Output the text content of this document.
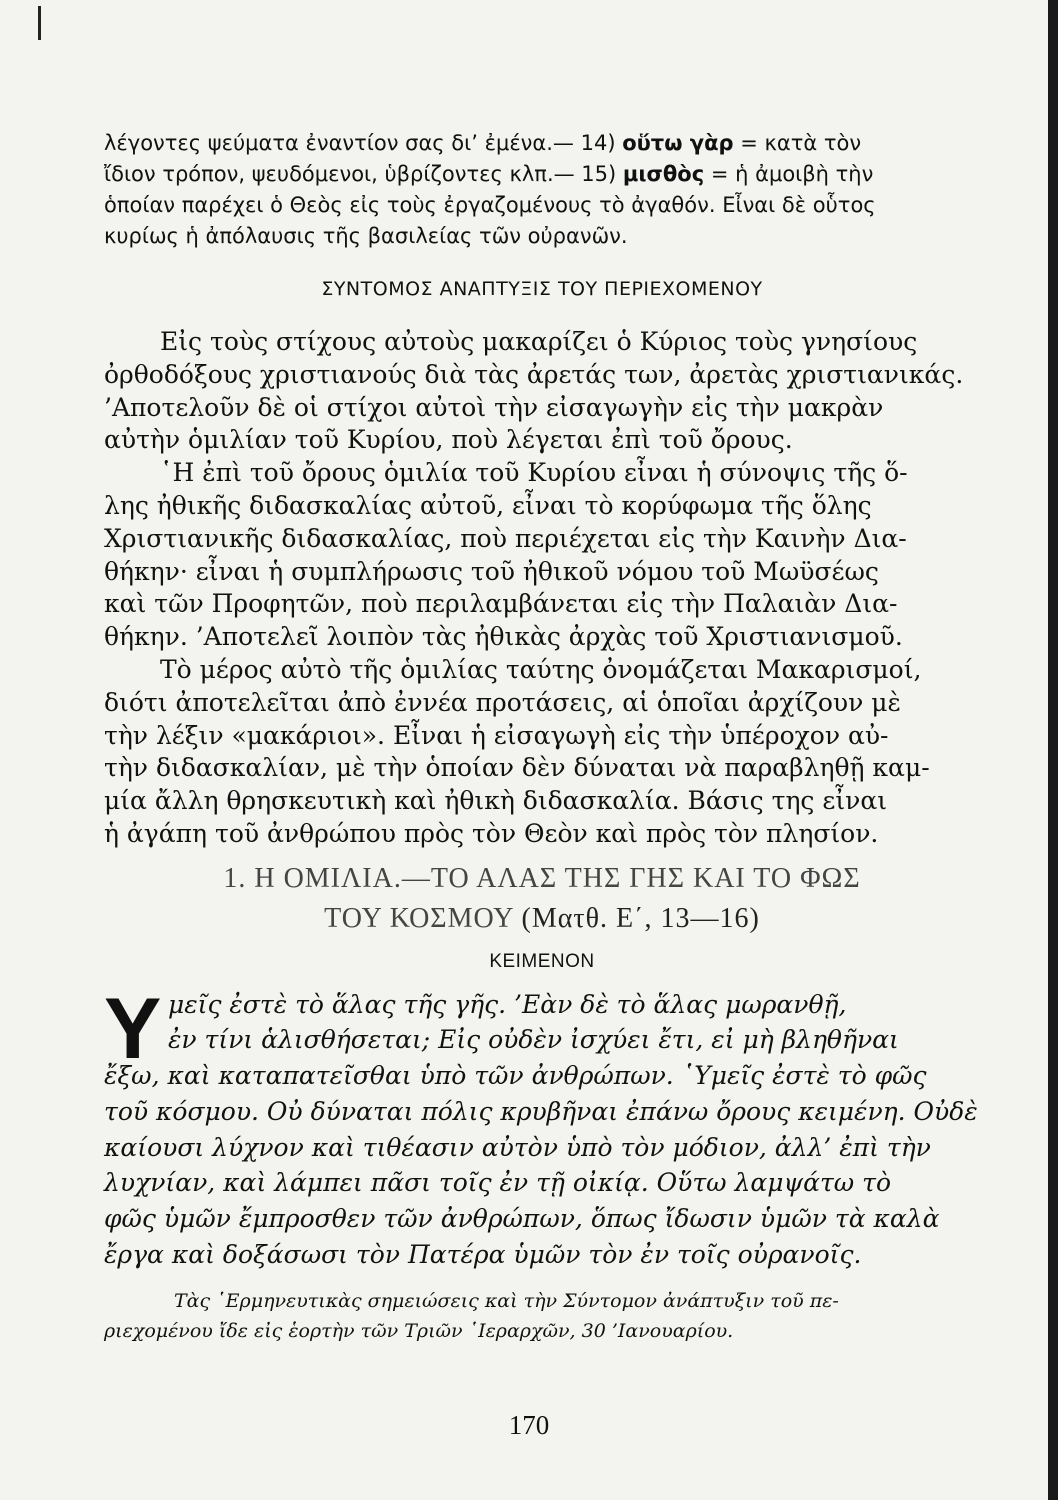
λέγοντες ψεύματα ἐναντίον σας δι’ ἐμένα.— 14) οὕτω γὰρ = κατὰ τὸν

ἴδιον τρόπον, ψευδόμενοι, ὑβρίζοντες κλπ.— 15) μισθὸς = ἡ ἀμοιβὴ τὴν

ὁποίαν παρέχει ὁ Θεὸς εἰς τοὺς ἐργαζομένους τὸ ἀγαθόν. Εἶναι δὲ οὗτος

κυρίως ἡ ἀπόλαυσις τῆς βασιλείας τῶν οὐρανῶν.

ΣΥΝΤΟΜΟΣ ΑΝΑΠΤΥΞΙΣ ΤΟΥ ΠΕΡΙΕΧΟΜΕΝΟΥ

Εἰς τοὺς στίχους αὐτοὺς μακαρίζει ὁ Κύριος τοὺς γνησίους

ὀρθοδόξους χριστιανούς διὰ τὰς ἀρετάς των, ἀρετὰς χριστιανικάς.

’Αποτελοῦν δὲ οἱ στίχοι αὐτοὶ τὴν εἰσαγωγὴν εἰς τὴν μακρὰν

αὐτὴν ὁμιλίαν τοῦ Κυρίου, ποὺ λέγεται ἐπὶ τοῦ ὄρους.

῾Η ἐπὶ τοῦ ὄρους ὁμιλία τοῦ Κυρίου εἶναι ἡ σύνοψις τῆς ὅ-

λης ἠθικῆς διδασκαλίας αὐτοῦ, εἶναι τὸ κορύφωμα τῆς ὅλης

Χριστιανικῆς διδασκαλίας, ποὺ περιέχεται εἰς τὴν Καινὴν Δια-

θήκην· εἶναι ἡ συμπλήρωσις τοῦ ἠθικοῦ νόμου τοῦ Μωϋσέως

καὶ τῶν Προφητῶν, ποὺ περιλαμβάνεται εἰς τὴν Παλαιὰν Δια-

θήκην. ’Αποτελεῖ λοιπὸν τὰς ἠθικὰς ἀρχὰς τοῦ Χριστιανισμοῦ.

Τὸ μέρος αὐτὸ τῆς ὁμιλίας ταύτης ὀνομάζεται Μακαρισμοί,

διότι ἀποτελεῖται ἀπὸ ἐννέα προτάσεις, αἱ ὁποῖαι ἀρχίζουν μὲ

τὴν λέξιν «μακάριοι». Εἶναι ἡ εἰσαγωγὴ εἰς τὴν ὑπέροχον αὐ-

τὴν διδασκαλίαν, μὲ τὴν ὁποίαν δὲν δύναται νὰ παραβληθῇ καμ-

μία ἄλλη θρησκευτικὴ καὶ ἠθικὴ διδασκαλία. Βάσις της εἶναι

ἡ ἀγάπη τοῦ ἀνθρώπου πρὸς τὸν Θεὸν καὶ πρὸς τὸν πλησίον.

1. Η ΟΜΙΛΙΑ.—ΤΟ ΑΛΑΣ ΤΗΣ ΓΗΣ ΚΑΙ ΤΟ ΦΩΣ
ΤΟΥ ΚΟΣΜΟΥ (Ματθ. Ε΄, 13—16)
ΚΕΙΜΕΝΟΝ
Υ μεῖς ἐστὲ τὸ ἅλας τῆς γῆς. ’Εὰν δὲ τὸ ἅλας μωρανθῇ,

ἐν τίνι ἁλισθήσεται; Εἰς οὐδὲν ἰσχύει ἔτι, εἰ μὴ βληθῆναι

ἔξω, καὶ καταπατεῖσθαι ὑπὸ τῶν ἀνθρώπων. ῾Υμεῖς ἐστὲ τὸ φῶς

τοῦ κόσμου. Οὐ δύναται πόλις κρυβῆναι ἐπάνω ὄρους κειμένη. Οὐδὲ

καίουσι λύχνον καὶ τιθέασιν αὐτὸν ὑπὸ τὸν μόδιον, ἀλλ’ ἐπὶ τὴν

λυχνίαν, καὶ λάμπει πᾶσι τοῖς ἐν τῇ οἰκίᾳ. Οὕτω λαμψάτω τὸ

φῶς ὑμῶν ἔμπροσθεν τῶν ἀνθρώπων, ὅπως ἴδωσιν ὑμῶν τὰ καλὰ

ἔργα καὶ δοξάσωσι τὸν Πατέρα ὑμῶν τὸν ἐν τοῖς οὐρανοῖς.

Τὰς ῾Ερμηνευτικὰς σημειώσεις καὶ τὴν Σύντομον ἀνάπτυξιν τοῦ πε-

ριεχομένου ἴδε εἰς ἑορτὴν τῶν Τριῶν ῾Ιεραρχῶν, 30 ’Ιανουαρίου.

170
